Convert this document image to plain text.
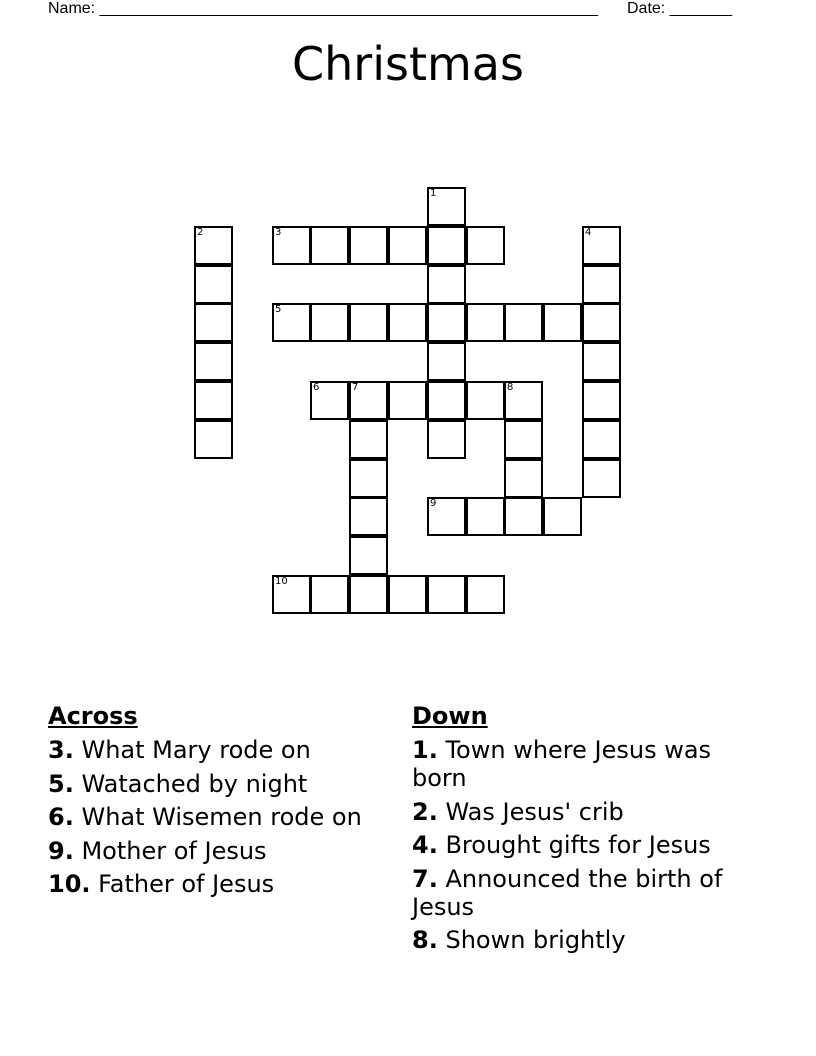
Name: ________________________________________________________ Date: _______
Christmas
1
2	3	4
5
6	7	8
9
10
Across
3. What Mary rode on
5. Watached by night
6. What Wisemen rode on
9. Mother of Jesus
10. Father of Jesus
Down
1. Town where Jesus was born
2. Was Jesus' crib
4. Brought gifts for Jesus
7. Announced the birth of Jesus
8. Shown brightly
